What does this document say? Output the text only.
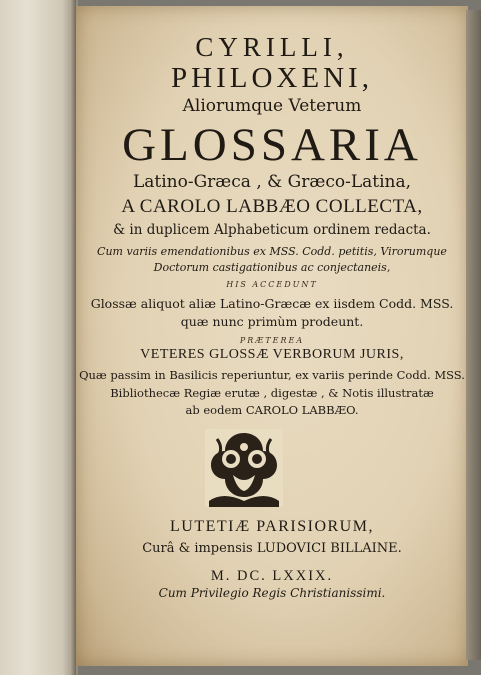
CYRILLI,
PHILOXENI,
Aliorumque Veterum
GLOSSARIA
Latino-Græca , & Græco-Latina,
A CAROLO LABBÆO COLLECTA,
& in duplicem Alphabeticum ordinem redacta.
Cum variis emendationibus ex MSS. Codd. petitis, Virorumque
Doctorum castigationibus ac conjectaneis,
HIS ACCEDUNT
Glossæ aliquot aliæ Latino-Græcæ ex iisdem Codd. MSS.
quæ nunc primùm prodeunt.
PRÆTEREA
VETERES GLOSSÆ VERBORUM JURIS,
Quæ passim in Basilicis reperiuntur, ex variis perinde Codd. MSS.
Bibliothecæ Regiæ erutæ , digestæ , & Notis illustratæ
ab eodem CAROLO LABBÆO.
LUTETIÆ PARISIORUM,
Curâ & impensis LUDOVICI BILLAINE.
M. DC. LXXIX.
Cum Privilegio Regis Christianissimi.
